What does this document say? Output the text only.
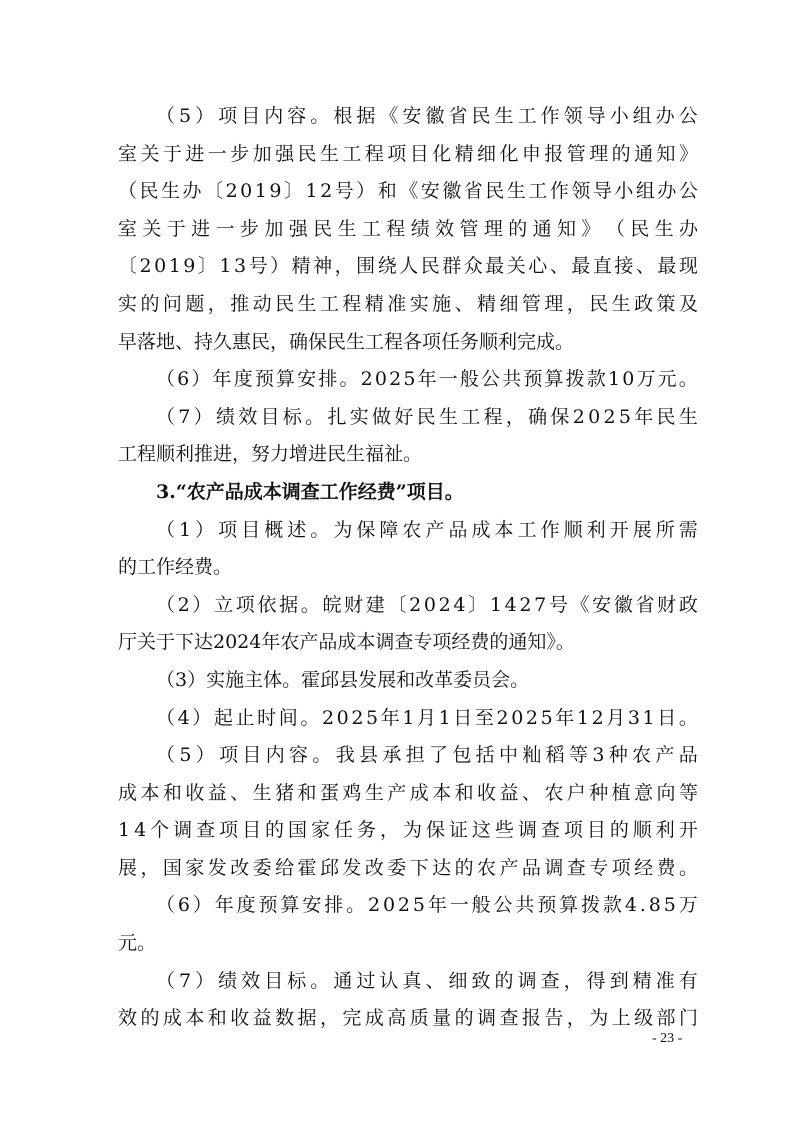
（ 5 ） 项 目 内 容 。 根 据 《 安 徽 省 民 生 工 作 领 导 小 组 办 公
室 关 于 进 一 步 加 强 民 生 工 程 项 目 化 精 细 化 申 报 管 理 的 通 知 》
（ 民 生 办 〔 2 0 1 9 〕 1 2 号 ） 和 《 安 徽 省 民 生 工 作 领 导 小 组 办 公
室 关 于 进 一 步 加 强 民 生 工 程 绩 效 管 理 的 通 知 》 （ 民 生 办
〔 2 0 1 9 〕 1 3 号 ） 精 神 ， 围 绕 人 民 群 众 最 关 心 、 最 直 接 、 最 现
实 的 问 题 ， 推 动 民 生 工 程 精 准 实 施 、 精 细 管 理 ， 民 生 政 策 及
早落地、持久惠民，确保民生工程各项任务顺利完成。
（ 6 ） 年 度 预 算 安 排 。 2 0 2 5 年 一 般 公 共 预 算 拨 款 1 0 万 元 。
（ 7 ） 绩 效 目 标 。 扎 实 做 好 民 生 工 程 ， 确 保 2 0 2 5 年 民 生
工程顺利推进，努力增进民生福祉。
3.“农产品成本调查工作经费”项目。
（ 1 ） 项 目 概 述 。 为 保 障 农 产 品 成 本 工 作 顺 利 开 展 所 需
的工作经费。
（ 2 ） 立 项 依 据 。 皖 财 建 〔 2 0 2 4 〕 1 4 2 7 号 《 安 徽 省 财 政
厅关于下达2024年农产品成本调查专项经费的通知》。
（3）实施主体。霍邱县发展和改革委员会。
（ 4 ） 起 止 时 间 。 2 0 2 5 年 1 月 1 日 至 2 0 2 5 年 1 2 月 3 1 日 。
（ 5 ） 项 目 内 容 。 我 县 承 担 了 包 括 中 籼 稻 等 3 种 农 产 品
成 本 和 收 益 、 生 猪 和 蛋 鸡 生 产 成 本 和 收 益 、 农 户 种 植 意 向 等
1 4 个 调 查 项 目 的 国 家 任 务 ， 为 保 证 这 些 调 查 项 目 的 顺 利 开
展 ， 国 家 发 改 委 给 霍 邱 发 改 委 下 达 的 农 产 品 调 查 专 项 经 费 。
（ 6 ） 年 度 预 算 安 排 。 2 0 2 5 年 一 般 公 共 预 算 拨 款 4 . 8 5 万
元。
（ 7 ） 绩 效 目 标 。 通 过 认 真 、 细 致 的 调 查 ， 得 到 精 准 有
效 的 成 本 和 收 益 数 据 ， 完 成 高 质 量 的 调 查 报 告 ， 为 上 级 部 门
- 23 -
